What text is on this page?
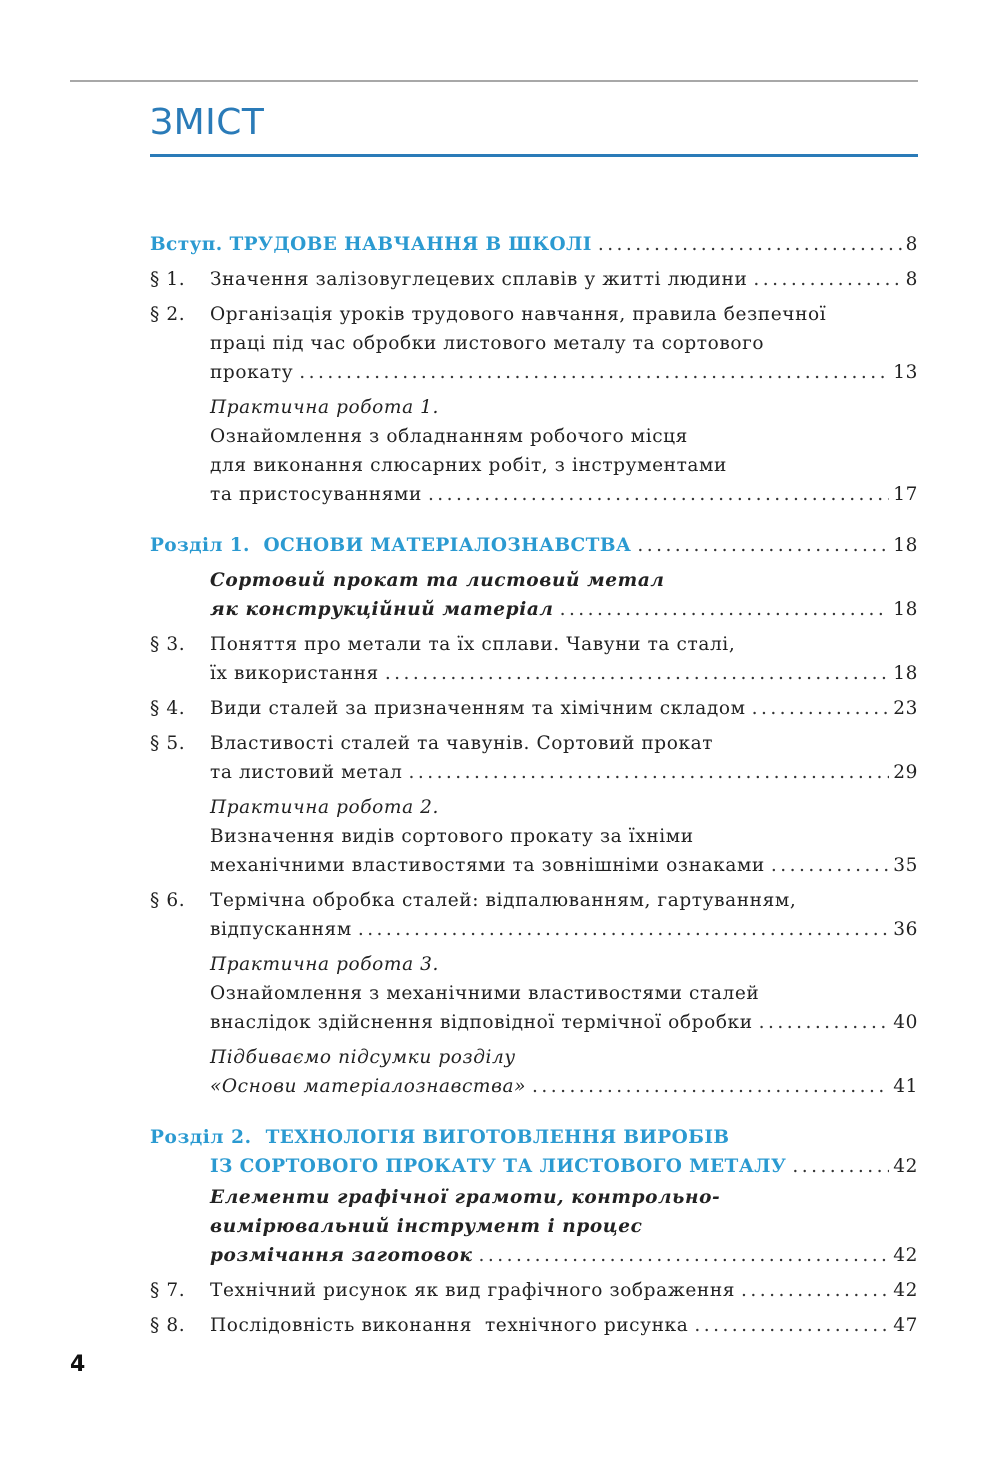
ЗМІСТ
Вступ. ТРУДОВЕ НАВЧАННЯ В ШКОЛІ . . .	8
§ 1.	Значення залізовуглецевих сплавів у житті людини . . .	8
§ 2.	Організація уроків трудового навчання, правила безпечної
праці під час обробки листового металу та сортового
прокату . . .	13
Практична робота 1.
Ознайомлення з обладнанням робочого місця
для виконання слюсарних робіт, з інструментами
та пристосуваннями . . .	17
Розділ 1. ОСНОВИ МАТЕРІАЛОЗНАВСТВА . . .	18
Сортовий прокат та листовий метал
як конструкційний матеріал . . .	18
§ 3.	Поняття про метали та їх сплави. Чавуни та сталі,
їх використання . . .	18
§ 4.	Види сталей за призначенням та хімічним складом . . .	23
§ 5.	Властивості сталей та чавунів. Сортовий прокат
та листовий метал . . .	29
Практична робота 2.
Визначення видів сортового прокату за їхніми
механічними властивостями та зовнішніми ознаками . . .	35
§ 6.	Термічна обробка сталей: відпалюванням, гартуванням,
відпусканням . . .	36
Практична робота 3.
Ознайомлення з механічними властивостями сталей
внаслідок здійснення відповідної термічної обробки . . .	40
Підбиваємо підсумки розділу
«Основи матеріалознавства» . . .	41
Розділ 2. ТЕХНОЛОГІЯ ВИГОТОВЛЕННЯ ВИРОБІВ
ІЗ СОРТОВОГО ПРОКАТУ ТА ЛИСТОВОГО МЕТАЛУ . . .	42
Елементи графічної грамоти, контрольно-
вимірювальний інструмент і процес
розмічання заготовок . . .	42
§ 7.	Технічний рисунок як вид графічного зображення . . .	42
§ 8.	Послідовність виконання  технічного рисунка . . .	47
4
